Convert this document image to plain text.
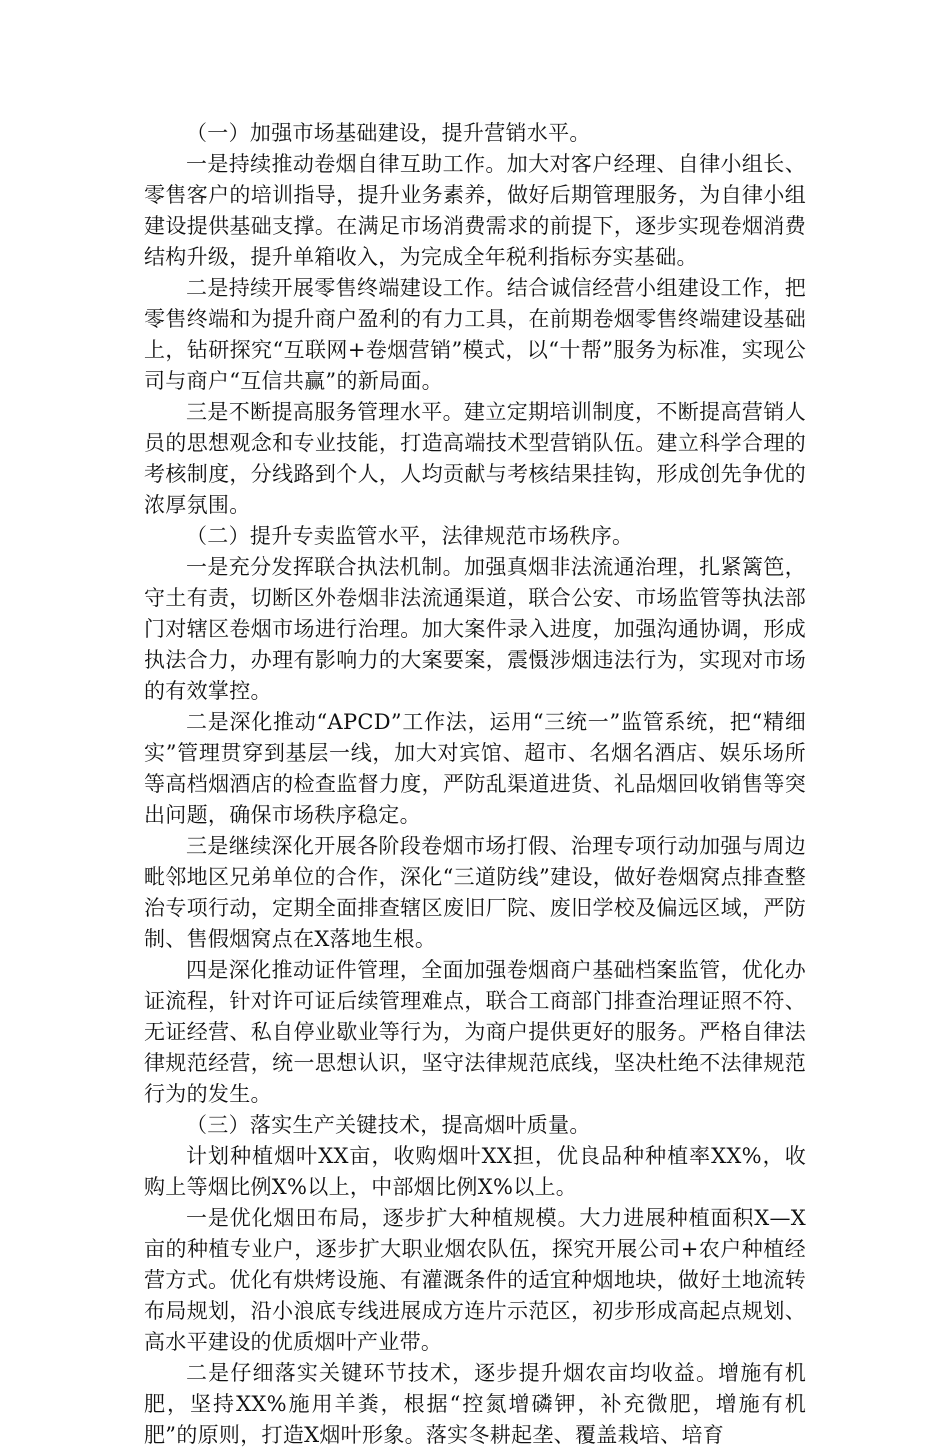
（一）加强市场基础建设，提升营销水平。

一是持续推动卷烟自律互助工作。加大对客户经理、自律小组长、零售客户的培训指导，提升业务素养，做好后期管理服务，为自律小组建设提供基础支撑。在满足市场消费需求的前提下，逐步实现卷烟消费结构升级，提升单箱收入，为完成全年税利指标夯实基础。

二是持续开展零售终端建设工作。结合诚信经营小组建设工作，把零售终端和为提升商户盈利的有力工具，在前期卷烟零售终端建设基础上，钻研探究“互联网+卷烟营销”模式，以“十帮”服务为标准，实现公司与商户“互信共赢”的新局面。

三是不断提高服务管理水平。建立定期培训制度，不断提高营销人员的思想观念和专业技能，打造高端技术型营销队伍。建立科学合理的考核制度，分线路到个人，人均贡献与考核结果挂钩，形成创先争优的浓厚氛围。

（二）提升专卖监管水平，法律规范市场秩序。

一是充分发挥联合执法机制。加强真烟非法流通治理，扎紧篱笆，守土有责，切断区外卷烟非法流通渠道，联合公安、市场监管等执法部门对辖区卷烟市场进行治理。加大案件录入进度，加强沟通协调，形成执法合力，办理有影响力的大案要案，震慑涉烟违法行为，实现对市场的有效掌控。

二是深化推动“APCD”工作法，运用“三统一”监管系统，把“精细实”管理贯穿到基层一线，加大对宾馆、超市、名烟名酒店、娱乐场所等高档烟酒店的检查监督力度，严防乱渠道进货、礼品烟回收销售等突出问题，确保市场秩序稳定。

三是继续深化开展各阶段卷烟市场打假、治理专项行动加强与周边毗邻地区兄弟单位的合作，深化“三道防线”建设，做好卷烟窝点排查整治专项行动，定期全面排查辖区废旧厂院、废旧学校及偏远区域，严防制、售假烟窝点在X落地生根。

四是深化推动证件管理，全面加强卷烟商户基础档案监管，优化办证流程，针对许可证后续管理难点，联合工商部门排查治理证照不符、无证经营、私自停业歇业等行为，为商户提供更好的服务。严格自律法律规范经营，统一思想认识，坚守法律规范底线，坚决杜绝不法律规范行为的发生。

（三）落实生产关键技术，提高烟叶质量。

计划种植烟叶XX亩，收购烟叶XX担，优良品种种植率XX%，收购上等烟比例X%以上，中部烟比例X%以上。

一是优化烟田布局，逐步扩大种植规模。大力进展种植面积X—X亩的种植专业户，逐步扩大职业烟农队伍，探究开展公司+农户种植经营方式。优化有烘烤设施、有灌溉条件的适宜种烟地块，做好土地流转布局规划，沿小浪底专线进展成方连片示范区，初步形成高起点规划、高水平建设的优质烟叶产业带。

二是仔细落实关键环节技术，逐步提升烟农亩均收益。增施有机肥，坚持XX%施用羊粪，根据“控氮增磷钾，补充微肥，增施有机肥”的原则，打造X烟叶形象。落实冬耕起垄、覆盖栽培、培育
